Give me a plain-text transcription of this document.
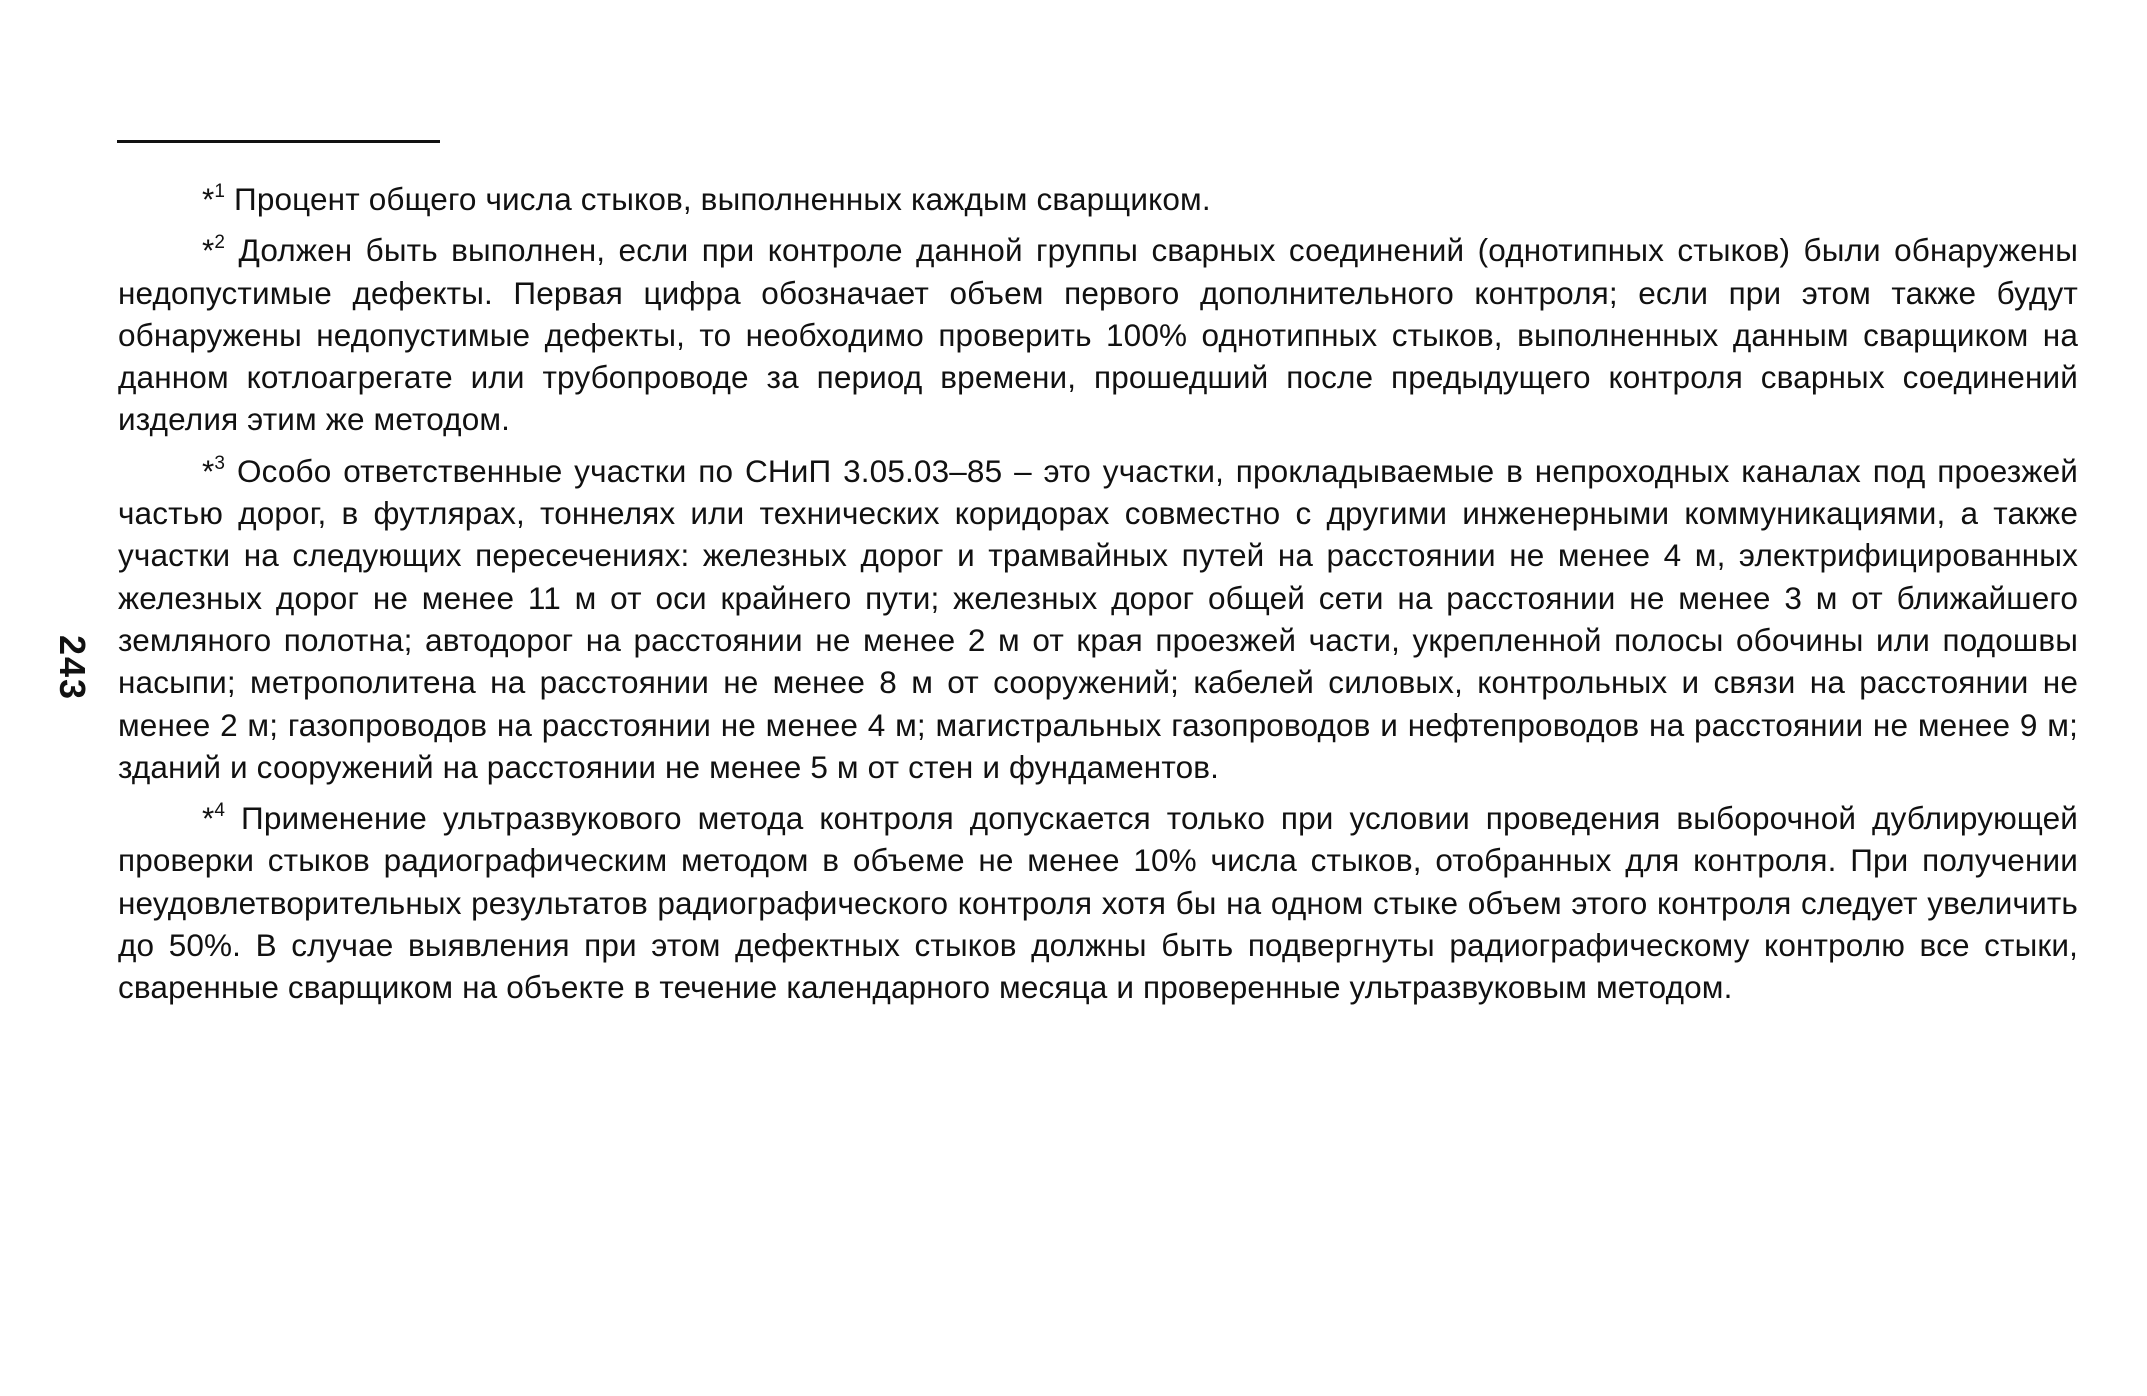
243

*$^1$ Процент общего числа стыков, выполненных каждым сварщиком.

*$^2$ Должен быть выполнен, если при контроле данной группы сварных соединений (однотипных стыков) были обнаружены недопустимые дефекты. Первая цифра обозначает объем первого дополнительного контроля; если при этом также будут обнаружены недопустимые дефекты, то необходимо проверить 100% однотипных стыков, выполненных данным сварщиком на данном котлоагрегате или трубопроводе за период времени, прошедший после предыдущего контроля сварных соединений изделия этим же методом.

*$^3$ Особо ответственные участки по СНиП 3.05.03–85 – это участки, прокладываемые в непроходных каналах под проезжей частью дорог, в футлярах, тоннелях или технических коридорах совместно с другими инженерными коммуникациями, а также участки на следующих пересечениях: железных дорог и трамвайных путей на расстоянии не менее 4 м, электрифицированных железных дорог не менее 11 м от оси крайнего пути; железных дорог общей сети на расстоянии не менее 3 м от ближайшего земляного полотна; автодорог на расстоянии не менее 2 м от края проезжей части, укрепленной полосы обочины или подошвы насыпи; метрополитена на расстоянии не менее 8 м от сооружений; кабелей силовых, контрольных и связи на расстоянии не менее 2 м; газопроводов на расстоянии не менее 4 м; магистральных газопроводов и нефтепроводов на расстоянии не менее 9 м; зданий и сооружений на расстоянии не менее 5 м от стен и фундаментов.

*$^4$ Применение ультразвукового метода контроля допускается только при условии проведения выборочной дублирующей проверки стыков радиографическим методом в объеме не менее 10% числа стыков, отобранных для контроля. При получении неудовлетворительных результатов радиографического контроля хотя бы на одном стыке объем этого контроля следует увеличить до 50%. В случае выявления при этом дефектных стыков должны быть подвергнуты радиографическому контролю все стыки, сваренные сварщиком на объекте в течение календарного месяца и проверенные ультразвуковым методом.
